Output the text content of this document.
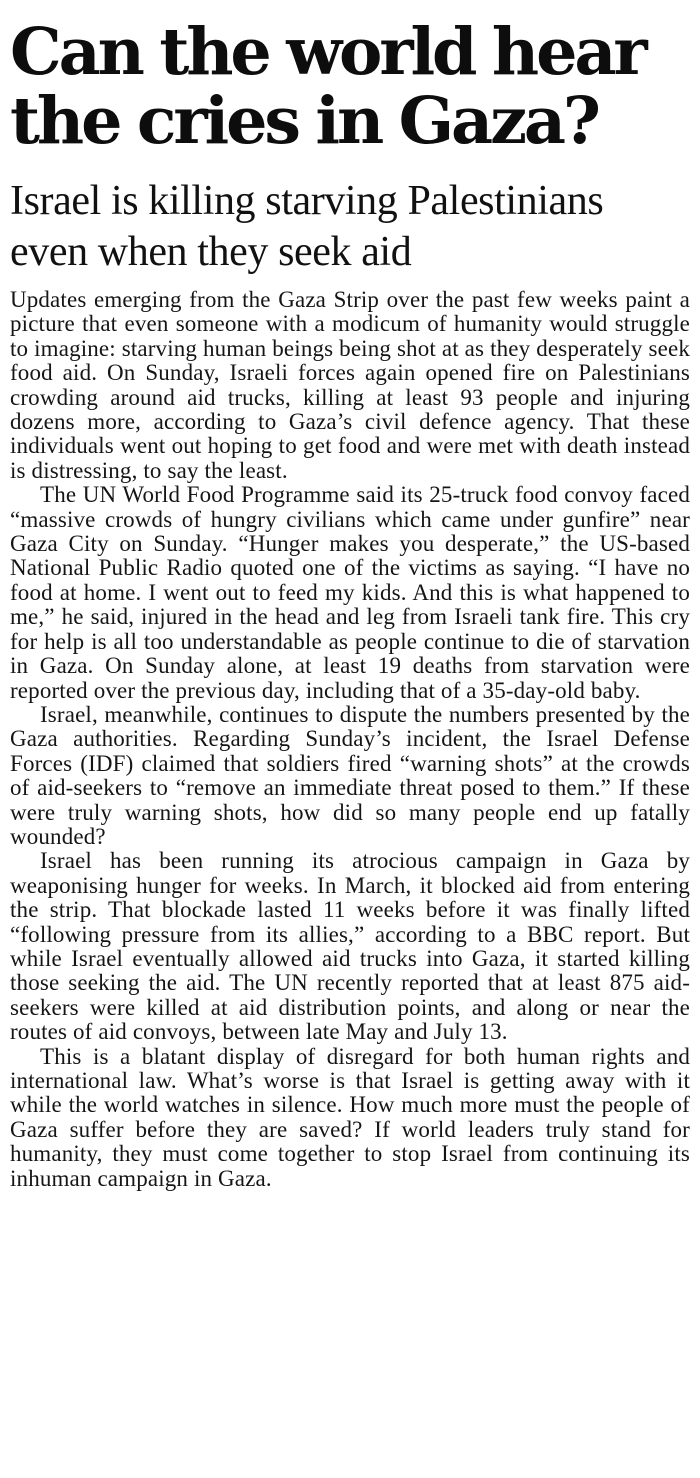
Can the world hear the cries in Gaza?
Israel is killing starving Palestinians even when they seek aid

Updates emerging from the Gaza Strip over the past few weeks paint a picture that even someone with a modicum of humanity would struggle to imagine: starving human beings being shot at as they desperately seek food aid. On Sunday, Israeli forces again opened fire on Palestinians crowding around aid trucks, killing at least 93 people and injuring dozens more, according to Gaza’s civil defence agency. That these individuals went out hoping to get food and were met with death instead is distressing, to say the least.

The UN World Food Programme said its 25-truck food convoy faced “massive crowds of hungry civilians which came under gunfire” near Gaza City on Sunday. “Hunger makes you desperate,” the US-based National Public Radio quoted one of the victims as saying. “I have no food at home. I went out to feed my kids. And this is what happened to me,” he said, injured in the head and leg from Israeli tank fire. This cry for help is all too understandable as people continue to die of starvation in Gaza. On Sunday alone, at least 19 deaths from starvation were reported over the previous day, including that of a 35-day-old baby.

Israel, meanwhile, continues to dispute the numbers presented by the Gaza authorities. Regarding Sunday’s incident, the Israel Defense Forces (IDF) claimed that soldiers fired “warning shots” at the crowds of aid-seekers to “remove an immediate threat posed to them.” If these were truly warning shots, how did so many people end up fatally wounded?

Israel has been running its atrocious campaign in Gaza by weaponising hunger for weeks. In March, it blocked aid from entering the strip. That blockade lasted 11 weeks before it was finally lifted “following pressure from its allies,” according to a BBC report. But while Israel eventually allowed aid trucks into Gaza, it started killing those seeking the aid. The UN recently reported that at least 875 aid-seekers were killed at aid distribution points, and along or near the routes of aid convoys, between late May and July 13.

This is a blatant display of disregard for both human rights and international law. What’s worse is that Israel is getting away with it while the world watches in silence. How much more must the people of Gaza suffer before they are saved? If world leaders truly stand for humanity, they must come together to stop Israel from continuing its inhuman campaign in Gaza.
